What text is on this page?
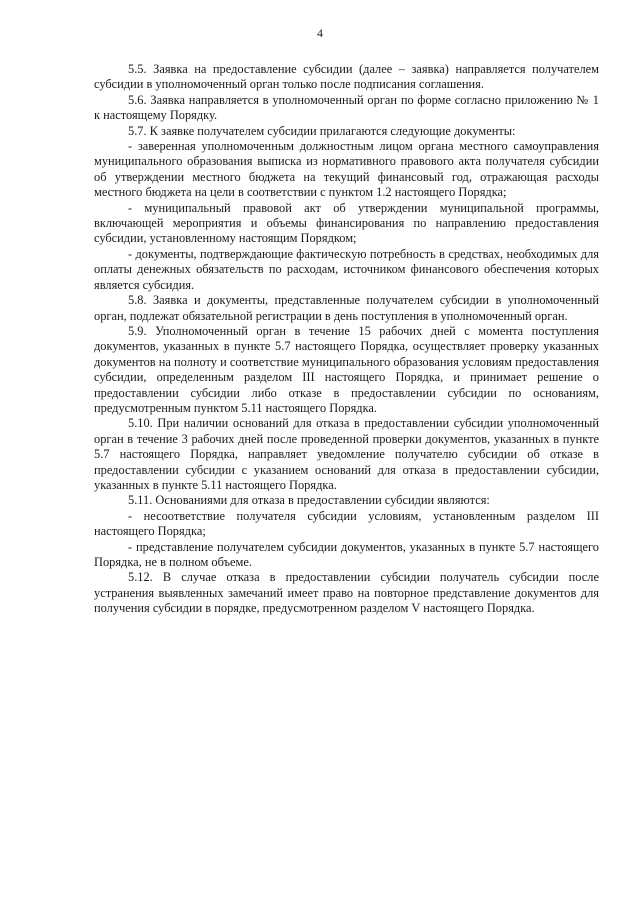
4

5.5. Заявка на предоставление субсидии (далее – заявка) направляется получателем субсидии в уполномоченный орган только после подписания соглашения.

5.6. Заявка направляется в уполномоченный орган по форме согласно приложению № 1 к настоящему Порядку.

5.7. К заявке получателем субсидии прилагаются следующие документы:

- заверенная уполномоченным должностным лицом органа местного самоуправления муниципального образования выписка из нормативного правового акта получателя субсидии об утверждении местного бюджета на текущий финансовый год, отражающая расходы местного бюджета на цели в соответствии с пунктом 1.2 настоящего Порядка;

- муниципальный правовой акт об утверждении муниципальной программы, включающей мероприятия и объемы финансирования по направлению предоставления субсидии, установленному настоящим Порядком;

- документы, подтверждающие фактическую потребность в средствах, необходимых для оплаты денежных обязательств по расходам, источником финансового обеспечения которых является субсидия.

5.8. Заявка и документы, представленные получателем субсидии в уполномоченный орган, подлежат обязательной регистрации в день поступления в уполномоченный орган.

5.9. Уполномоченный орган в течение 15 рабочих дней с момента поступления документов, указанных в пункте 5.7 настоящего Порядка, осуществляет проверку указанных документов на полноту и соответствие муниципального образования условиям предоставления субсидии, определенным разделом III настоящего Порядка, и принимает решение о предоставлении субсидии либо отказе в предоставлении субсидии по основаниям, предусмотренным пунктом 5.11 настоящего Порядка.

5.10. При наличии оснований для отказа в предоставлении субсидии уполномоченный орган в течение 3 рабочих дней после проведенной проверки документов, указанных в пункте 5.7 настоящего Порядка, направляет уведомление получателю субсидии об отказе в предоставлении субсидии с указанием оснований для отказа в предоставлении субсидии, указанных в пункте 5.11 настоящего Порядка.

5.11. Основаниями для отказа в предоставлении субсидии являются:

- несоответствие получателя субсидии условиям, установленным разделом III настоящего Порядка;

- представление получателем субсидии документов, указанных в пункте 5.7 настоящего Порядка, не в полном объеме.

5.12. В случае отказа в предоставлении субсидии получатель субсидии после устранения выявленных замечаний имеет право на повторное представление документов для получения субсидии в порядке, предусмотренном разделом V настоящего Порядка.
